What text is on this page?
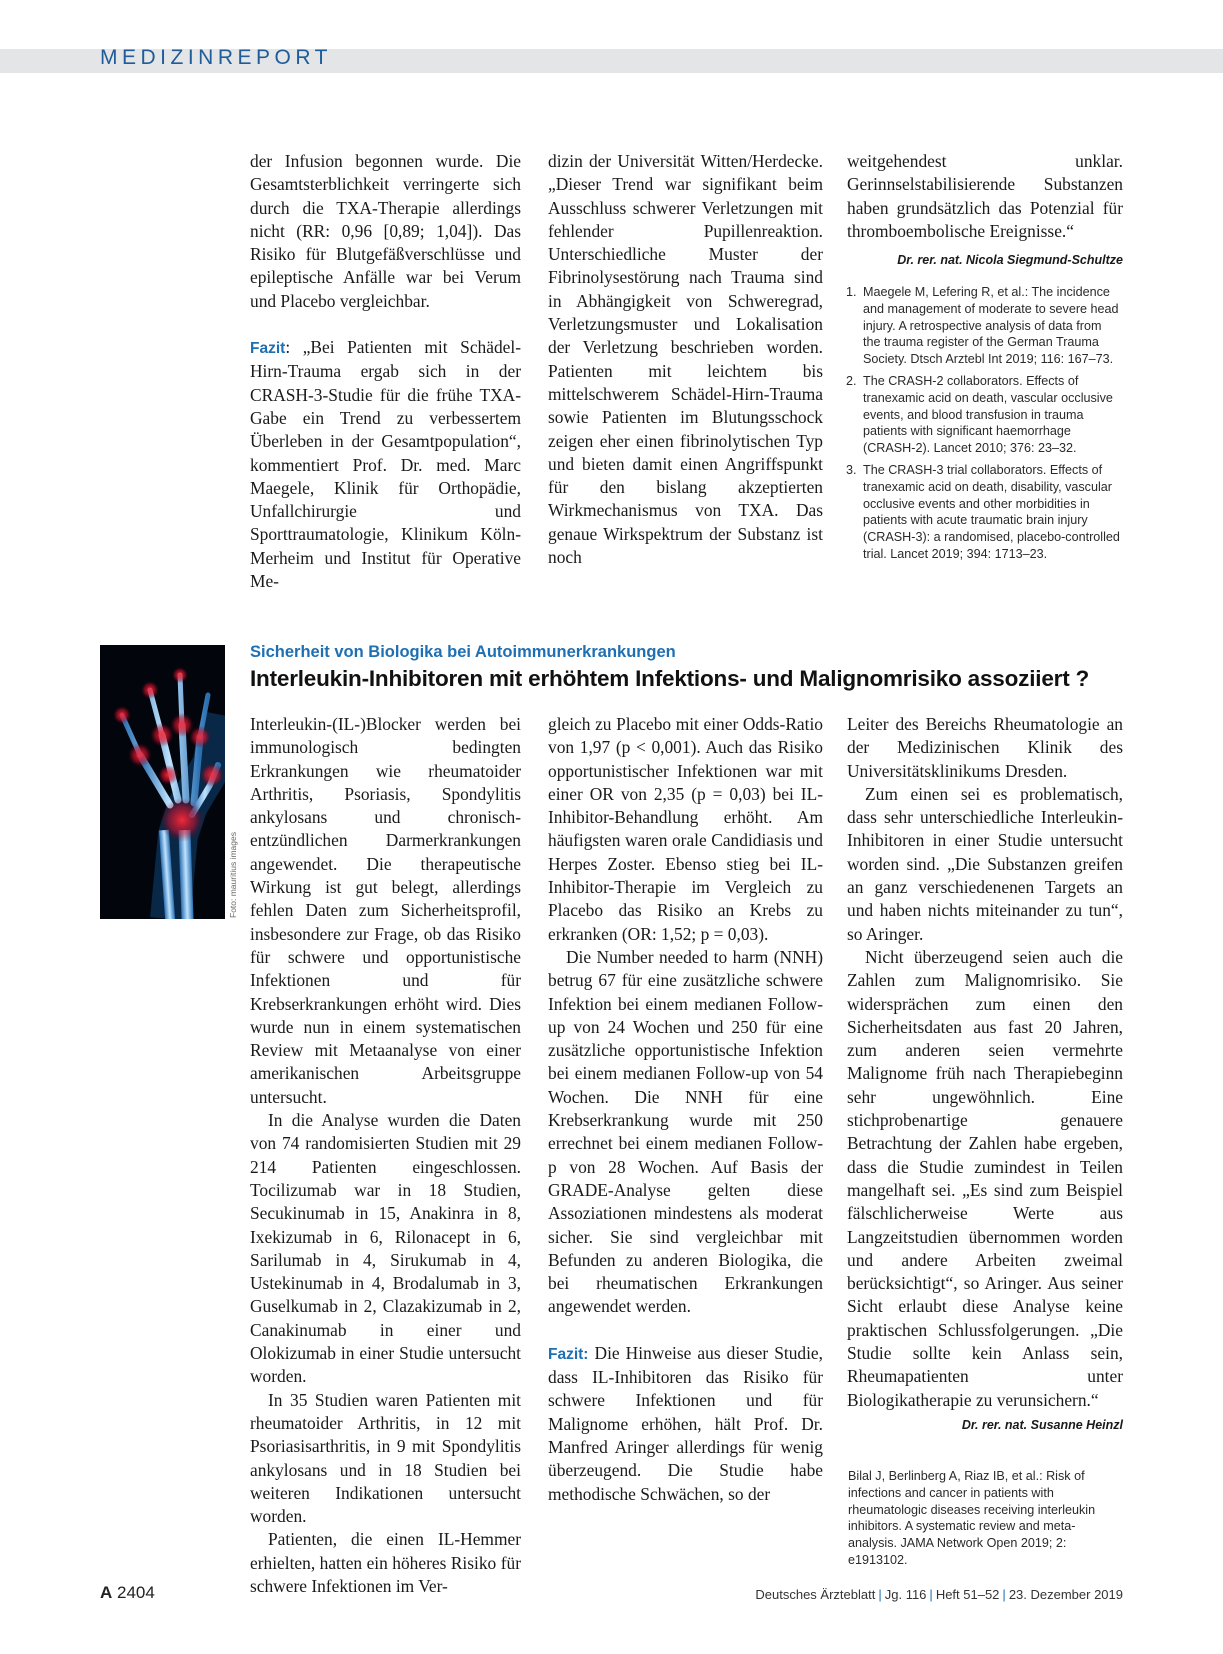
MEDIZINREPORT

der Infusion begonnen wurde. Die Gesamtsterblichkeit verringerte sich durch die TXA-Therapie allerdings nicht (RR: 0,96 [0,89; 1,04]). Das Risiko für Blutgefäßverschlüsse und epileptische Anfälle war bei Verum und Placebo vergleichbar.

Fazit: „Bei Patienten mit Schädel-Hirn-Trauma ergab sich in der CRASH-3-Studie für die frühe TXA-Gabe ein Trend zu verbessertem Überleben in der Gesamtpopulation“, kommentiert Prof. Dr. med. Marc Maegele, Klinik für Orthopädie, Unfallchirurgie und Sporttraumatologie, Klinikum Köln-Merheim und Institut für Operative Me-

dizin der Universität Witten/Herdecke. „Dieser Trend war signifikant beim Ausschluss schwerer Verletzungen mit fehlender Pupillenreaktion. Unterschiedliche Muster der Fibrinolysestörung nach Trauma sind in Abhängigkeit von Schweregrad, Verletzungsmuster und Lokalisation der Verletzung beschrieben worden. Patienten mit leichtem bis mittelschwerem Schädel-Hirn-Trauma sowie Patienten im Blutungsschock zeigen eher einen fibrinolytischen Typ und bieten damit einen Angriffspunkt für den bislang akzeptierten Wirkmechanismus von TXA. Das genaue Wirkspektrum der Substanz ist noch

weitgehendest unklar. Gerinnselstabilisierende Substanzen haben grundsätzlich das Potenzial für thromboembolische Ereignisse.“

Dr. rer. nat. Nicola Siegmund-Schultze
1. Maegele M, Lefering R, et al.: The incidence and management of moderate to severe head injury. A retrospective analysis of data from the trauma register of the German Trauma Society. Dtsch Arztebl Int 2019; 116: 167–73.
2. The CRASH-2 collaborators. Effects of tranexamic acid on death, vascular occlusive events, and blood transfusion in trauma patients with significant haemorrhage (CRASH-2). Lancet 2010; 376: 23–32.
3. The CRASH-3 trial collaborators. Effects of tranexamic acid on death, disability, vascular occlusive events and other morbidities in patients with acute traumatic brain injury (CRASH-3): a randomised, placebo-controlled trial. Lancet 2019; 394: 1713–23.
Foto: mauritius images
Sicherheit von Biologika bei Autoimmunerkrankungen
Interleukin-Inhibitoren mit erhöhtem Infektions- und Malignomrisiko assoziiert ?

Interleukin-(IL-)Blocker werden bei immunologisch bedingten Erkrankungen wie rheumatoider Arthritis, Psoriasis, Spondylitis ankylosans und chronisch-entzündlichen Darmerkrankungen angewendet. Die therapeutische Wirkung ist gut belegt, allerdings fehlen Daten zum Sicherheitsprofil, insbesondere zur Frage, ob das Risiko für schwere und opportunistische Infektionen und für Krebserkrankungen erhöht wird. Dies wurde nun in einem systematischen Review mit Metaanalyse von einer amerikanischen Arbeitsgruppe untersucht.

In die Analyse wurden die Daten von 74 randomisierten Studien mit 29 214 Patienten eingeschlossen. Tocilizumab war in 18 Studien, Secukinumab in 15, Anakinra in 8, Ixekizumab in 6, Rilonacept in 6, Sarilumab in 4, Sirukumab in 4, Ustekinumab in 4, Brodalumab in 3, Guselkumab in 2, Clazakizumab in 2, Canakinumab in einer und Olokizumab in einer Studie untersucht worden.

In 35 Studien waren Patienten mit rheumatoider Arthritis, in 12 mit Psoriasisarthritis, in 9 mit Spondylitis ankylosans und in 18 Studien bei weiteren Indikationen untersucht worden.

Patienten, die einen IL-Hemmer erhielten, hatten ein höheres Risiko für schwere Infektionen im Ver-

gleich zu Placebo mit einer Odds-Ratio von 1,97 (p < 0,001). Auch das Risiko opportunistischer Infektionen war mit einer OR von 2,35 (p = 0,03) bei IL-Inhibitor-Behandlung erhöht. Am häufigsten waren orale Candidiasis und Herpes Zoster. Ebenso stieg bei IL-Inhibitor-Therapie im Vergleich zu Placebo das Risiko an Krebs zu erkranken (OR: 1,52; p = 0,03).

Die Number needed to harm (NNH) betrug 67 für eine zusätzliche schwere Infektion bei einem medianen Follow-up von 24 Wochen und 250 für eine zusätzliche opportunistische Infektion bei einem medianen Follow-up von 54 Wochen. Die NNH für eine Krebserkrankung wurde mit 250 errechnet bei einem medianen Follow-p von 28 Wochen. Auf Basis der GRADE-Analyse gelten diese Assoziationen mindestens als moderat sicher. Sie sind vergleichbar mit Befunden zu anderen Biologika, die bei rheumatischen Erkrankungen angewendet werden.

Fazit: Die Hinweise aus dieser Studie, dass IL-Inhibitoren das Risiko für schwere Infektionen und für Malignome erhöhen, hält Prof. Dr. Manfred Aringer allerdings für wenig überzeugend. Die Studie habe methodische Schwächen, so der

Leiter des Bereichs Rheumatologie an der Medizinischen Klinik des Universitätsklinikums Dresden.

Zum einen sei es problematisch, dass sehr unterschiedliche Interleukin-Inhibitoren in einer Studie untersucht worden sind. „Die Substanzen greifen an ganz verschiedenenen Targets an und haben nichts miteinander zu tun“, so Aringer.

Nicht überzeugend seien auch die Zahlen zum Malignomrisiko. Sie widersprächen zum einen den Sicherheitsdaten aus fast 20 Jahren, zum anderen seien vermehrte Malignome früh nach Therapiebeginn sehr ungewöhnlich. Eine stichprobenartige genauere Betrachtung der Zahlen habe ergeben, dass die Studie zumindest in Teilen mangelhaft sei. „Es sind zum Beispiel fälschlicherweise Werte aus Langzeitstudien übernommen worden und andere Arbeiten zweimal berücksichtigt“, so Aringer. Aus seiner Sicht erlaubt diese Analyse keine praktischen Schlussfolgerungen. „Die Studie sollte kein Anlass sein, Rheumapatienten unter Biologikatherapie zu verunsichern.“
Dr. rer. nat. Susanne Heinzl

Bilal J, Berlinberg A, Riaz IB, et al.: Risk of infections and cancer in patients with rheumatologic diseases receiving interleukin inhibitors. A systematic review and meta-analysis. JAMA Network Open 2019; 2: e1913102.
A 2404	Deutsches Ärzteblatt | Jg. 116 | Heft 51–52 | 23. Dezember 2019
